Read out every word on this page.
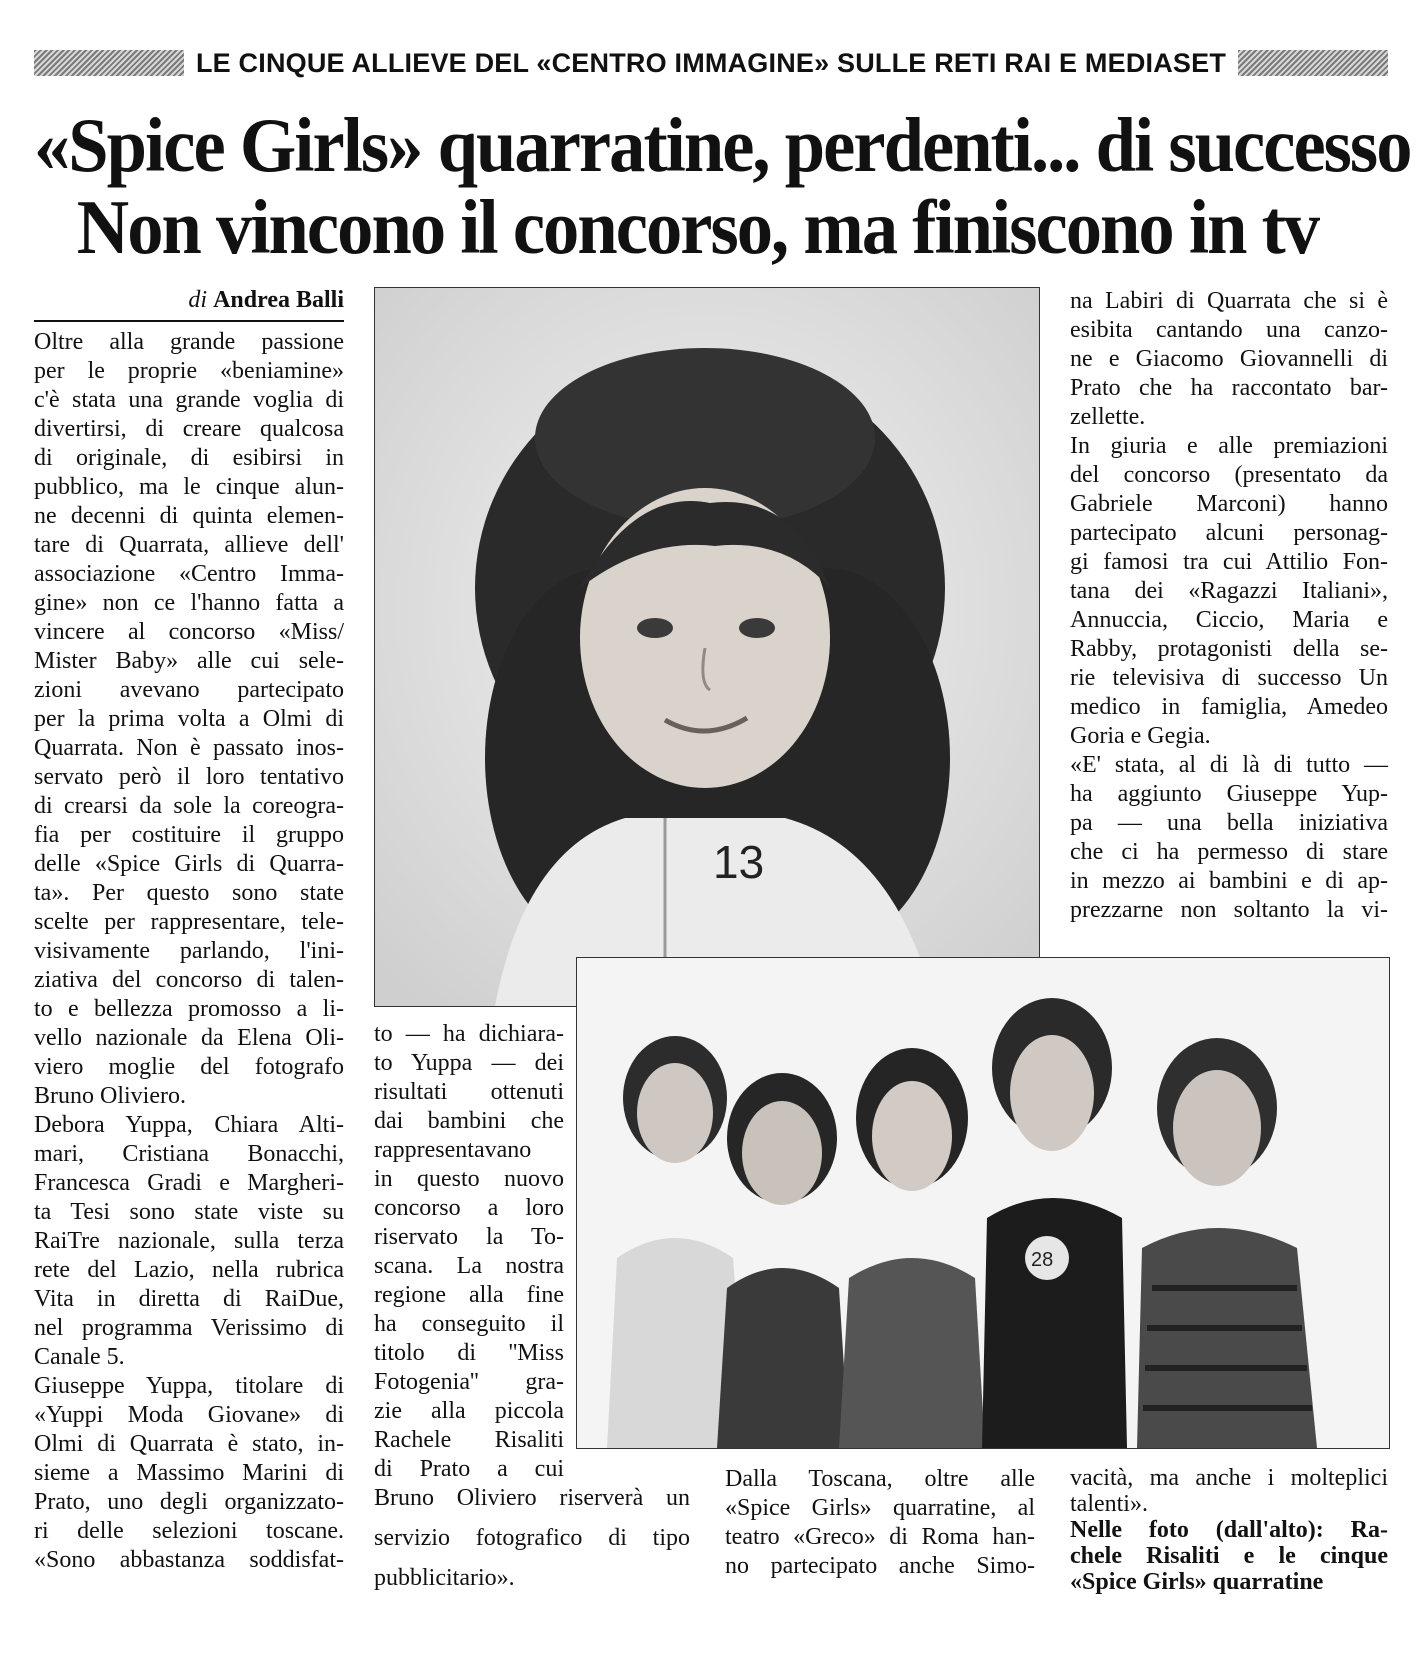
LE CINQUE ALLIEVE DEL «CENTRO IMMAGINE» SULLE RETI RAI E MEDIASET
«Spice Girls» quarratine, perdenti... di successo
Non vincono il concorso, ma finiscono in tv
di Andrea Balli
Oltre alla grande passione
per le proprie «beniamine»
c'è stata una grande voglia di
divertirsi, di creare qualcosa
di originale, di esibirsi in
pubblico, ma le cinque alun-
ne decenni di quinta elemen-
tare di Quarrata, allieve dell'
associazione «Centro Imma-
gine» non ce l'hanno fatta a
vincere al concorso «Miss/
Mister Baby» alle cui sele-
zioni avevano partecipato
per la prima volta a Olmi di
Quarrata. Non è passato inos-
servato però il loro tentativo
di crearsi da sole la coreogra-
fia per costituire il gruppo
delle «Spice Girls di Quarra-
ta». Per questo sono state
scelte per rappresentare, tele-
visivamente parlando, l'ini-
ziativa del concorso di talen-
to e bellezza promosso a li-
vello nazionale da Elena Oli-
viero moglie del fotografo
Bruno Oliviero.
Debora Yuppa, Chiara Alti-
mari, Cristiana Bonacchi,
Francesca Gradi e Margheri-
ta Tesi sono state viste su
RaiTre nazionale, sulla terza
rete del Lazio, nella rubrica
Vita in diretta di RaiDue,
nel programma Verissimo di
Canale 5.
Giuseppe Yuppa, titolare di
«Yuppi Moda Giovane» di
Olmi di Quarrata è stato, in-
sieme a Massimo Marini di
Prato, uno degli organizzato-
ri delle selezioni toscane.
«Sono abbastanza soddisfat-
13
na Labiri di Quarrata che si è
esibita cantando una canzo-
ne e Giacomo Giovannelli di
Prato che ha raccontato bar-
zellette.
In giuria e alle premiazioni
del concorso (presentato da
Gabriele Marconi) hanno
partecipato alcuni personag-
gi famosi tra cui Attilio Fon-
tana dei «Ragazzi Italiani»,
Annuccia, Ciccio, Maria e
Rabby, protagonisti della se-
rie televisiva di successo Un
medico in famiglia, Amedeo
Goria e Gegia.
«E' stata, al di là di tutto —
ha aggiunto Giuseppe Yup-
pa — una bella iniziativa
che ci ha permesso di stare
in mezzo ai bambini e di ap-
prezzarne non soltanto la vi-
28
to — ha dichiara-
to Yuppa — dei
risultati ottenuti
dai bambini che
rappresentavano
in questo nuovo
concorso a loro
riservato la To-
scana. La nostra
regione alla fine
ha conseguito il
titolo di ''Miss
Fotogenia'' gra-
zie alla piccola
Rachele Risaliti
di Prato a cui
Bruno Oliviero riserverà un
servizio fotografico di tipo
pubblicitario».
Dalla Toscana, oltre alle
«Spice Girls» quarratine, al
teatro «Greco» di Roma han-
no partecipato anche Simo-
vacità, ma anche i molteplici
talenti».
Nelle foto (dall'alto): Ra-
chele Risaliti e le cinque
«Spice Girls» quarratine
